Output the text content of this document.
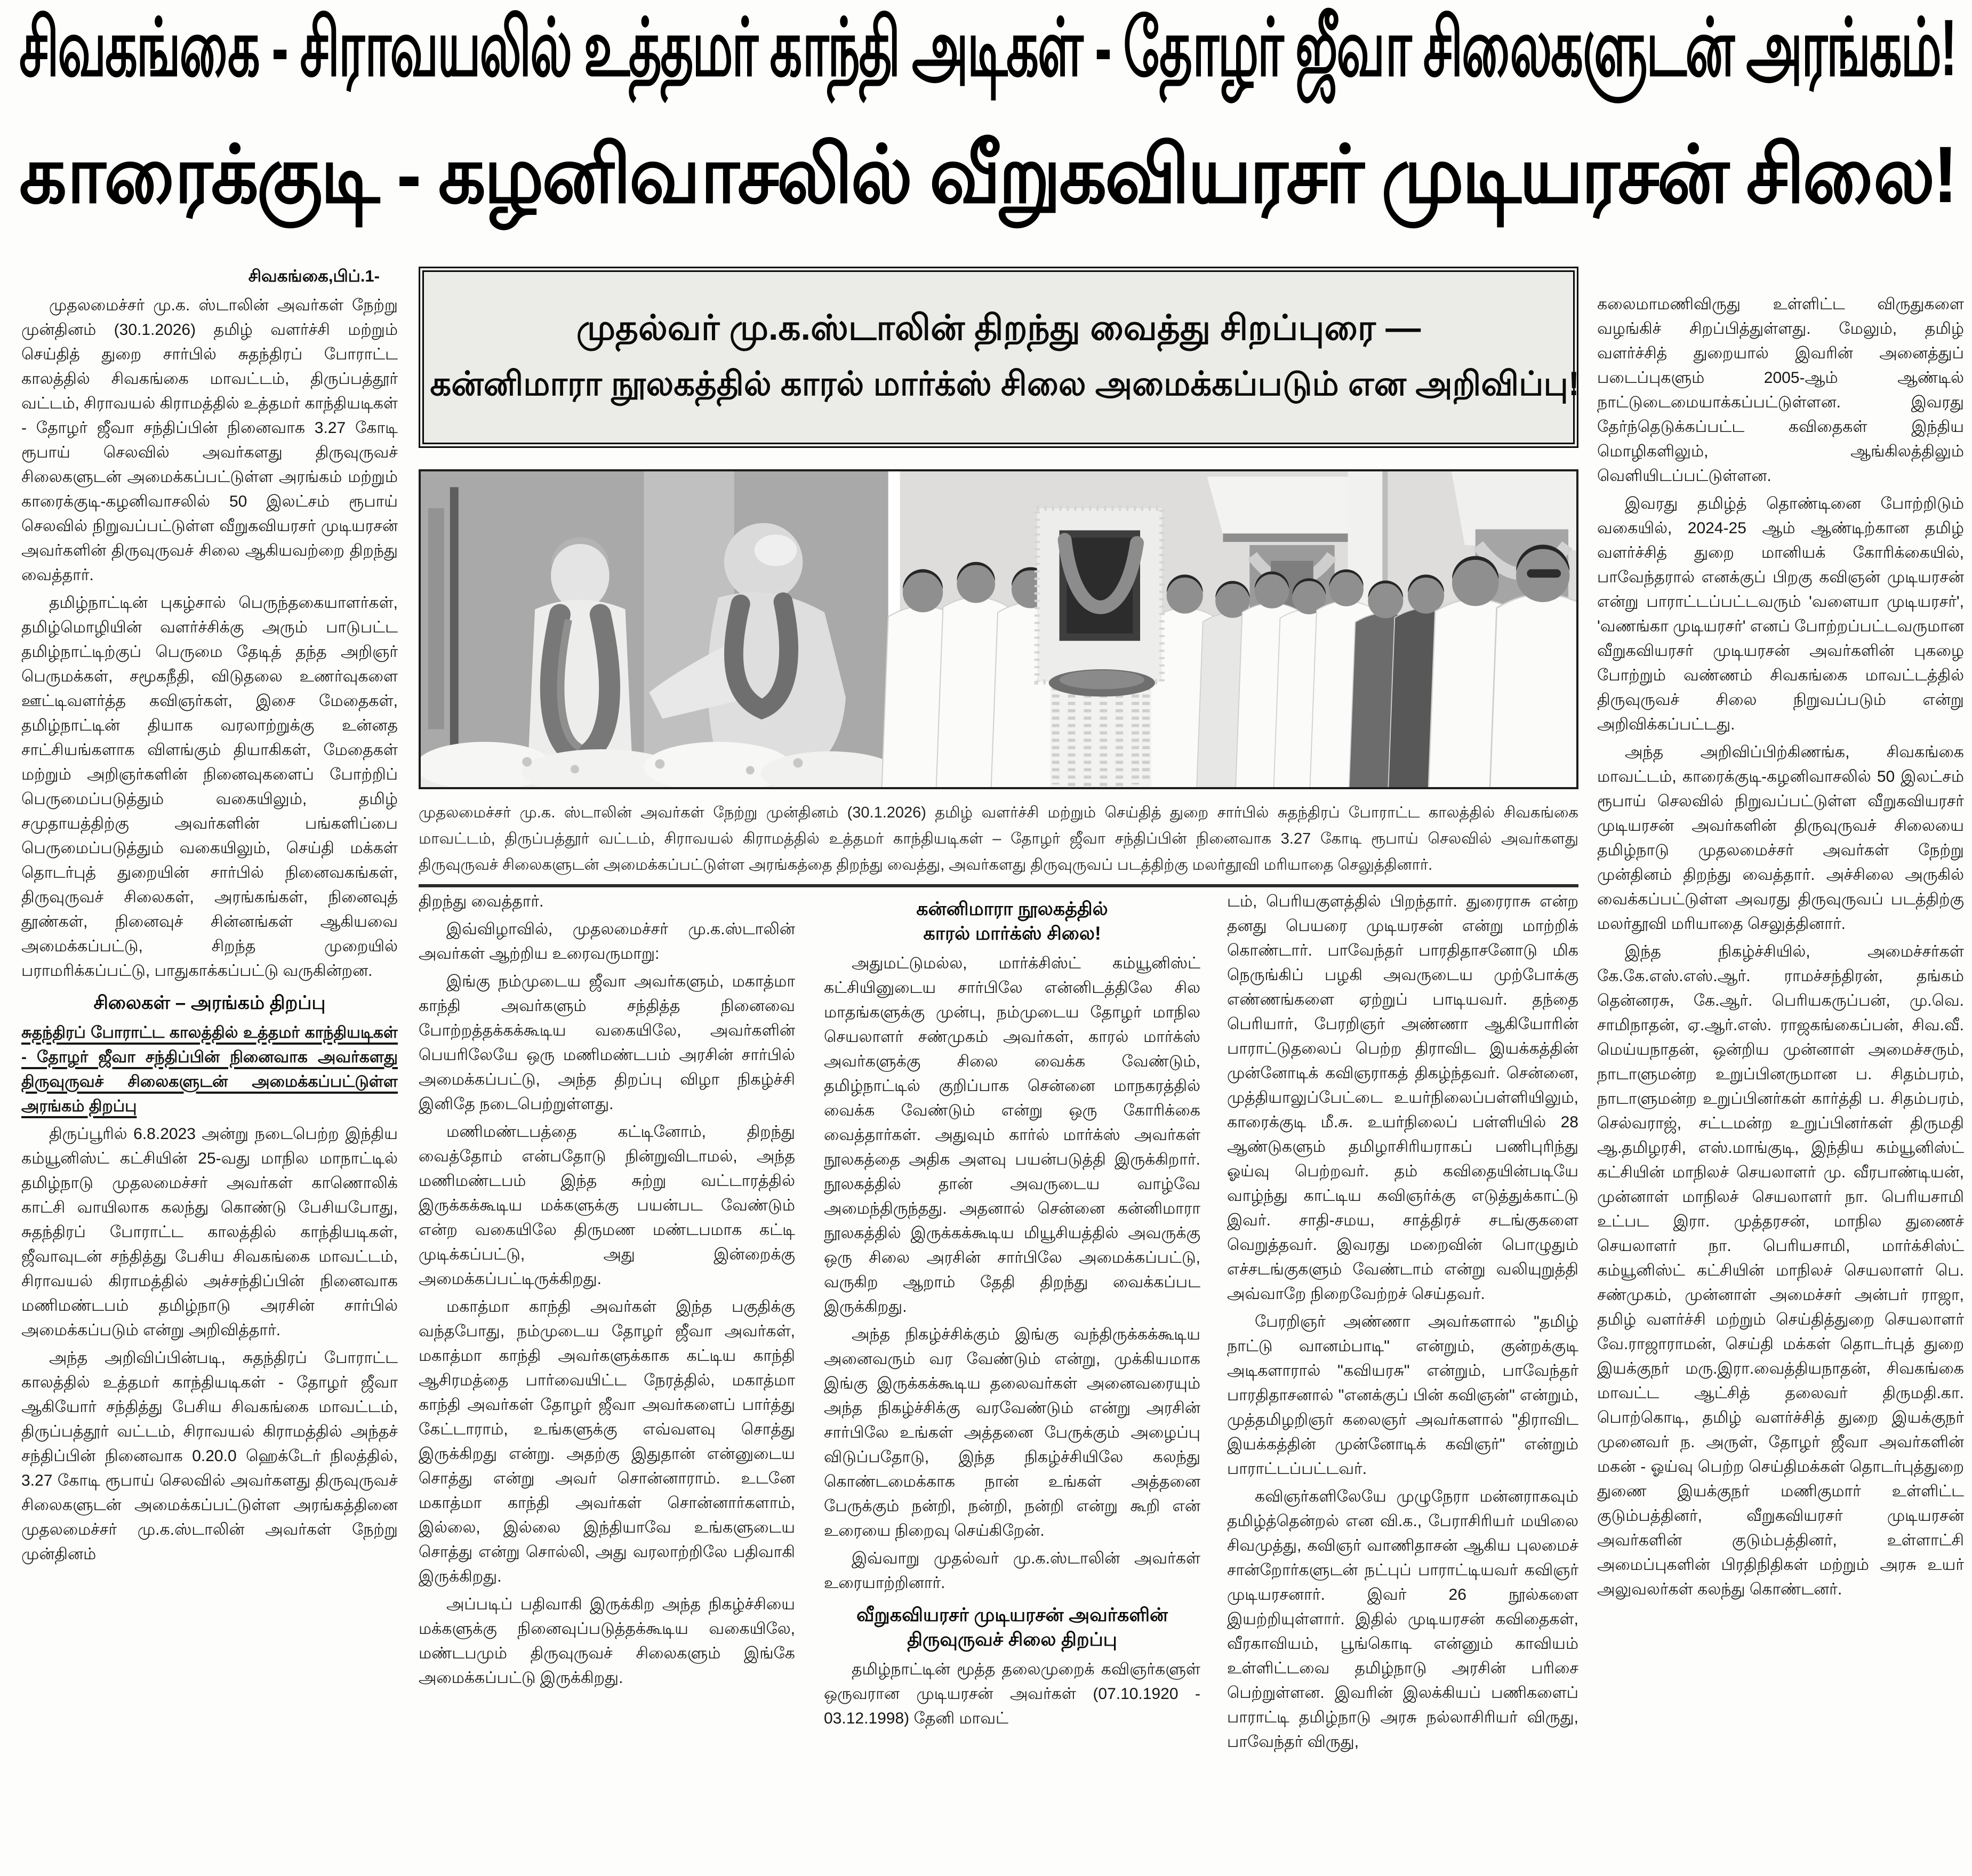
சிவகங்கை - சிராவயலில் உத்தமர் காந்தி அடிகள் - தோழர் ஜீவா சிலைகளுடன் அரங்கம்!
காரைக்குடி - கழனிவாசலில் வீறுகவியரசர் முடியரசன் சிலை!

சிவகங்கை,பிப்.1-

முதலமைச்சர் மு.க. ஸ்டாலின் அவர்கள் நேற்று முன்தினம் (30.1.2026) தமிழ் வளர்ச்சி மற்றும் செய்தித் துறை சார்பில் சுதந்திரப் போராட்ட காலத்தில் சிவகங்கை மாவட்டம், திருப்பத்தூர் வட்டம், சிராவயல் கிராமத்தில் உத்தமர் காந்தியடிகள் - தோழர் ஜீவா சந்திப்பின் நினைவாக 3.27 கோடி ரூபாய் செலவில் அவர்களது திருவுருவச் சிலைகளுடன் அமைக்கப்பட்டுள்ள அரங்கம் மற்றும் காரைக்குடி-கழனிவாசலில் 50 இலட்சம் ரூபாய் செலவில் நிறுவப்பட்டுள்ள வீறுகவியரசர் முடியரசன் அவர்களின் திருவுருவச் சிலை ஆகியவற்றை திறந்து வைத்தார்.

தமிழ்நாட்டின் புகழ்சால் பெருந்தகையாளர்கள், தமிழ்மொழியின் வளர்ச்சிக்கு அரும் பாடுபட்ட தமிழ்நாட்டிற்குப் பெருமை தேடித் தந்த அறிஞர் பெருமக்கள், சமூகநீதி, விடுதலை உணர்வுகளை ஊட்டிவளர்த்த கவிஞர்கள், இசை மேதைகள், தமிழ்நாட்டின் தியாக வரலாற்றுக்கு உன்னத சாட்சியங்களாக விளங்கும் தியாகிகள், மேதைகள் மற்றும் அறிஞர்களின் நினைவுகளைப் போற்றிப் பெருமைப்படுத்தும் வகையிலும், தமிழ் சமுதாயத்திற்கு அவர்களின் பங்களிப்பை பெருமைப்படுத்தும் வகையிலும், செய்தி மக்கள் தொடர்புத் துறையின் சார்பில் நினைவகங்கள், திருவுருவச் சிலைகள், அரங்கங்கள், நினைவுத் தூண்கள், நினைவுச் சின்னங்கள் ஆகியவை அமைக்கப்பட்டு, சிறந்த முறையில் பராமரிக்கப்பட்டு, பாதுகாக்கப்பட்டு வருகின்றன.

சிலைகள் – அரங்கம் திறப்பு

சுதந்திரப் போராட்ட காலத்தில் உத்தமர் காந்தியடிகள் - தோழர் ஜீவா சந்திப்பின் நினைவாக அவர்களது திருவுருவச் சிலைகளுடன் அமைக்கப்பட்டுள்ள அரங்கம் திறப்பு

திருப்பூரில் 6.8.2023 அன்று நடைபெற்ற இந்திய கம்யூனிஸ்ட் கட்சியின் 25-வது மாநில மாநாட்டில் தமிழ்நாடு முதலமைச்சர் அவர்கள் காணொலிக் காட்சி வாயிலாக கலந்து கொண்டு பேசியபோது, சுதந்திரப் போராட்ட காலத்தில் காந்தியடிகள், ஜீவாவுடன் சந்தித்து பேசிய சிவகங்கை மாவட்டம், சிராவயல் கிராமத்தில் அச்சந்திப்பின் நினைவாக மணிமண்டபம் தமிழ்நாடு அரசின் சார்பில் அமைக்கப்படும் என்று அறிவித்தார்.

அந்த அறிவிப்பின்படி, சுதந்திரப் போராட்ட காலத்தில் உத்தமர் காந்தியடிகள் - தோழர் ஜீவா ஆகியோர் சந்தித்து பேசிய சிவகங்கை மாவட்டம், திருப்பத்தூர் வட்டம், சிராவயல் கிராமத்தில் அந்தச் சந்திப்பின் நினைவாக 0.20.0 ஹெக்டேர் நிலத்தில், 3.27 கோடி ரூபாய் செலவில் அவர்களது திருவுருவச் சிலைகளுடன் அமைக்கப்பட்டுள்ள அரங்கத்தினை முதலமைச்சர் மு.க.ஸ்டாலின் அவர்கள் நேற்று முன்தினம்

முதல்வர் மு.க.ஸ்டாலின் திறந்து வைத்து சிறப்புரை —
கன்னிமாரா நூலகத்தில் காரல் மார்க்ஸ் சிலை அமைக்கப்படும் என அறிவிப்பு!
முதலமைச்சர் மு.க. ஸ்டாலின் அவர்கள் நேற்று முன்தினம் (30.1.2026) தமிழ் வளர்ச்சி மற்றும் செய்தித் துறை சார்பில் சுதந்திரப் போராட்ட காலத்தில் சிவகங்கை மாவட்டம், திருப்பத்தூர் வட்டம், சிராவயல் கிராமத்தில் உத்தமர் காந்தியடிகள் – தோழர் ஜீவா சந்திப்பின் நினைவாக 3.27 கோடி ரூபாய் செலவில் அவர்களது திருவுருவச் சிலைகளுடன் அமைக்கப்பட்டுள்ள அரங்கத்தை திறந்து வைத்து, அவர்களது திருவுருவப் படத்திற்கு மலர்தூவி மரியாதை செலுத்தினார்.

திறந்து வைத்தார்.

இவ்விழாவில், முதலமைச்சர் மு.க.ஸ்டாலின் அவர்கள் ஆற்றிய உரைவருமாறு:

இங்கு நம்முடைய ஜீவா அவர்களும், மகாத்மா காந்தி அவர்களும் சந்தித்த நினைவை போற்றத்தக்கக்கூடிய வகையிலே, அவர்களின் பெயரிலேயே ஒரு மணிமண்டபம் அரசின் சார்பில் அமைக்கப்பட்டு, அந்த திறப்பு விழா நிகழ்ச்சி இனிதே நடைபெற்றுள்ளது.

மணிமண்டபத்தை கட்டினோம், திறந்து வைத்தோம் என்பதோடு நின்றுவிடாமல், அந்த மணிமண்டபம் இந்த சுற்று வட்டாரத்தில் இருக்கக்கூடிய மக்களுக்கு பயன்பட வேண்டும் என்ற வகையிலே திருமண மண்டபமாக கட்டி முடிக்கப்பட்டு, அது இன்றைக்கு அமைக்கப்பட்டிருக்கிறது.

மகாத்மா காந்தி அவர்கள் இந்த பகுதிக்கு வந்தபோது, நம்முடைய தோழர் ஜீவா அவர்கள், மகாத்மா காந்தி அவர்களுக்காக கட்டிய காந்தி ஆசிரமத்தை பார்வையிட்ட நேரத்தில், மகாத்மா காந்தி அவர்கள் தோழர் ஜீவா அவர்களைப் பார்த்து கேட்டாராம், உங்களுக்கு எவ்வளவு சொத்து இருக்கிறது என்று. அதற்கு இதுதான் என்னுடைய சொத்து என்று அவர் சொன்னாராம். உடனே மகாத்மா காந்தி அவர்கள் சொன்னார்களாம், இல்லை, இல்லை இந்தியாவே உங்களுடைய சொத்து என்று சொல்லி, அது வரலாற்றிலே பதிவாகி இருக்கிறது.

அப்படிப் பதிவாகி இருக்கிற அந்த நிகழ்ச்சியை மக்களுக்கு நினைவுப்படுத்தக்கூடிய வகையிலே, மண்டபமும் திருவுருவச் சிலைகளும் இங்கே அமைக்கப்பட்டு இருக்கிறது.

கன்னிமாரா நூலகத்தில்
காரல் மார்க்ஸ் சிலை!

அதுமட்டுமல்ல, மார்க்சிஸ்ட் கம்யூனிஸ்ட் கட்சியினுடைய சார்பிலே என்னிடத்திலே சில மாதங்களுக்கு முன்பு, நம்முடைய தோழர் மாநில செயலாளர் சண்முகம் அவர்கள், காரல் மார்க்ஸ் அவர்களுக்கு சிலை வைக்க வேண்டும், தமிழ்நாட்டில் குறிப்பாக சென்னை மாநகரத்தில் வைக்க வேண்டும் என்று ஒரு கோரிக்கை வைத்தார்கள். அதுவும் கார்ல் மார்க்ஸ் அவர்கள் நூலகத்தை அதிக அளவு பயன்படுத்தி இருக்கிறார். நூலகத்தில் தான் அவருடைய வாழ்வே அமைந்திருந்தது. அதனால் சென்னை கன்னிமாரா நூலகத்தில் இருக்கக்கூடிய மியூசியத்தில் அவருக்கு ஒரு சிலை அரசின் சார்பிலே அமைக்கப்பட்டு, வருகிற ஆறாம் தேதி திறந்து வைக்கப்பட இருக்கிறது.

அந்த நிகழ்ச்சிக்கும் இங்கு வந்திருக்கக்கூடிய அனைவரும் வர வேண்டும் என்று, முக்கியமாக இங்கு இருக்கக்கூடிய தலைவர்கள் அனைவரையும் அந்த நிகழ்ச்சிக்கு வரவேண்டும் என்று அரசின் சார்பிலே உங்கள் அத்தனை பேருக்கும் அழைப்பு விடுப்பதோடு, இந்த நிகழ்ச்சியிலே கலந்து கொண்டமைக்காக நான் உங்கள் அத்தனை பேருக்கும் நன்றி, நன்றி, நன்றி என்று கூறி என் உரையை நிறைவு செய்கிறேன்.

இவ்வாறு முதல்வர் மு.க.ஸ்டாலின் அவர்கள் உரையாற்றினார்.

வீறுகவியரசர் முடியரசன் அவர்களின்
திருவுருவச் சிலை திறப்பு

தமிழ்நாட்டின் மூத்த தலைமுறைக் கவிஞர்களுள் ஒருவரான முடியரசன் அவர்கள் (07.10.1920 - 03.12.1998) தேனி மாவட்

டம், பெரியகுளத்தில் பிறந்தார். துரைராசு என்ற தனது பெயரை முடியரசன் என்று மாற்றிக் கொண்டார். பாவேந்தர் பாரதிதாசனோடு மிக நெருங்கிப் பழகி அவருடைய முற்போக்கு எண்ணங்களை ஏற்றுப் பாடியவர். தந்தை பெரியார், பேரறிஞர் அண்ணா ஆகியோரின் பாராட்டுதலைப் பெற்ற திராவிட இயக்கத்தின் முன்னோடிக் கவிஞராகத் திகழ்ந்தவர். சென்னை, முத்தியாலுப்பேட்டை உயர்நிலைப்பள்ளியிலும், காரைக்குடி மீ.சு. உயர்நிலைப் பள்ளியில் 28 ஆண்டுகளும் தமிழாசிரியராகப் பணிபுரிந்து ஓய்வு பெற்றவர். தம் கவிதையின்படியே வாழ்ந்து காட்டிய கவிஞர்க்கு எடுத்துக்காட்டு இவர். சாதி-சமய, சாத்திரச் சடங்குகளை வெறுத்தவர். இவரது மறைவின் பொழுதும் எச்சடங்குகளும் வேண்டாம் என்று வலியுறுத்தி அவ்வாறே நிறைவேற்றச் செய்தவர்.

பேரறிஞர் அண்ணா அவர்களால் "தமிழ் நாட்டு வானம்பாடி" என்றும், குன்றக்குடி அடிகளாரால் "கவியரசு" என்றும், பாவேந்தர் பாரதிதாசனால் "எனக்குப் பின் கவிஞன்" என்றும், முத்தமிழறிஞர் கலைஞர் அவர்களால் "திராவிட இயக்கத்தின் முன்னோடிக் கவிஞர்" என்றும் பாராட்டப்பட்டவர்.

கவிஞர்களிலேயே முழுநேரா மன்னராகவும் தமிழ்த்தென்றல் என வி.க., பேராசிரியர் மயிலை சிவமுத்து, கவிஞர் வாணிதாசன் ஆகிய புலமைச் சான்றோர்களுடன் நட்புப் பாராட்டியவர் கவிஞர் முடியரசனார். இவர் 26 நூல்களை இயற்றியுள்ளார். இதில் முடியரசன் கவிதைகள், வீரகாவியம், பூங்கொடி என்னும் காவியம் உள்ளிட்டவை தமிழ்நாடு அரசின் பரிசை பெற்றுள்ளன. இவரின் இலக்கியப் பணிகளைப் பாராட்டி தமிழ்நாடு அரசு நல்லாசிரியர் விருது, பாவேந்தர் விருது,

கலைமாமணிவிருது உள்ளிட்ட விருதுகளை வழங்கிச் சிறப்பித்துள்ளது. மேலும், தமிழ் வளர்ச்சித் துறையால் இவரின் அனைத்துப் படைப்புகளும் 2005-ஆம் ஆண்டில் நாட்டுடைமையாக்கப்பட்டுள்ளன. இவரது தேர்ந்தெடுக்கப்பட்ட கவிதைகள் இந்திய மொழிகளிலும், ஆங்கிலத்திலும் வெளியிடப்பட்டுள்ளன.

இவரது தமிழ்த் தொண்டினை போற்றிடும் வகையில், 2024-25 ஆம் ஆண்டிற்கான தமிழ் வளர்ச்சித் துறை மானியக் கோரிக்கையில், பாவேந்தரால் எனக்குப் பிறகு கவிஞன் முடியரசன் என்று பாராட்டப்பட்டவரும் 'வளையா முடியரசர்', 'வணங்கா முடியரசர்' எனப் போற்றப்பட்டவருமான வீறுகவியரசர் முடியரசன் அவர்களின் புகழை போற்றும் வண்ணம் சிவகங்கை மாவட்டத்தில் திருவுருவச் சிலை நிறுவப்படும் என்று அறிவிக்கப்பட்டது.

அந்த அறிவிப்பிற்கிணங்க, சிவகங்கை மாவட்டம், காரைக்குடி-கழனிவாசலில் 50 இலட்சம் ரூபாய் செலவில் நிறுவப்பட்டுள்ள வீறுகவியரசர் முடியரசன் அவர்களின் திருவுருவச் சிலையை தமிழ்நாடு முதலமைச்சர் அவர்கள் நேற்று முன்தினம் திறந்து வைத்தார். அச்சிலை அருகில் வைக்கப்பட்டுள்ள அவரது திருவுருவப் படத்திற்கு மலர்தூவி மரியாதை செலுத்தினார்.

இந்த நிகழ்ச்சியில், அமைச்சர்கள் கே.கே.எஸ்.எஸ்.ஆர். ராமச்சந்திரன், தங்கம் தென்னரசு, கே.ஆர். பெரியகருப்பன், மு.வெ. சாமிநாதன், ஏ.ஆர்.எஸ். ராஜகங்கைப்பன், சிவ.வீ. மெய்யநாதன், ஒன்றிய முன்னாள் அமைச்சரும், நாடாளுமன்ற உறுப்பினருமான ப. சிதம்பரம், நாடாளுமன்ற உறுப்பினர்கள் கார்த்தி ப. சிதம்பரம், செல்வராஜ், சட்டமன்ற உறுப்பினர்கள் திருமதி ஆ.தமிழரசி, எஸ்.மாங்குடி, இந்திய கம்யூனிஸ்ட் கட்சியின் மாநிலச் செயலாளர் மு. வீரபாண்டியன், முன்னாள் மாநிலச் செயலாளர் நா. பெரியசாமி உட்பட இரா. முத்தரசன், மாநில துணைச் செயலாளர் நா. பெரியசாமி, மார்க்சிஸ்ட் கம்யூனிஸ்ட் கட்சியின் மாநிலச் செயலாளர் பெ. சண்முகம், முன்னாள் அமைச்சர் அன்பர் ராஜா, தமிழ் வளர்ச்சி மற்றும் செய்தித்துறை செயலாளர் வே.ராஜாராமன், செய்தி மக்கள் தொடர்புத் துறை இயக்குநர் மரு.இரா.வைத்தியநாதன், சிவகங்கை மாவட்ட ஆட்சித் தலைவர் திருமதி.கா. பொற்கொடி, தமிழ் வளர்ச்சித் துறை இயக்குநர் முனைவர் ந. அருள், தோழர் ஜீவா அவர்களின் மகன் - ஓய்வு பெற்ற செய்திமக்கள் தொடர்புத்துறை துணை இயக்குநர் மணிகுமார் உள்ளிட்ட குடும்பத்தினர், வீறுகவியரசர் முடியரசன் அவர்களின் குடும்பத்தினர், உள்ளாட்சி அமைப்புகளின் பிரதிநிதிகள் மற்றும் அரசு உயர் அலுவலர்கள் கலந்து கொண்டனர்.
